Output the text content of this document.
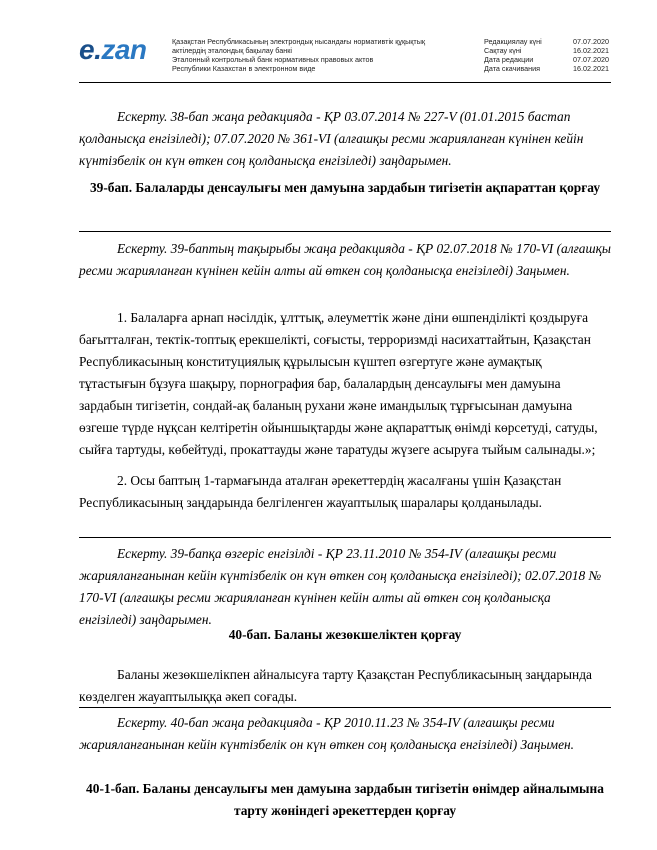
e.zan	Қазақстан Республикасының электрондық нысандағы нормативтік құқықтық
актілердің эталондық бақылау банкі
Эталонный контрольный банк нормативных правовых актов
Республики Казахстан в электронном виде
Редакциялау күні	07.07.2020
Сақтау күні	16.02.2021
Дата редакции	07.07.2020
Дата скачивания	16.02.2021
Ескерту. 38-бап жаңа редакцияда - ҚР 03.07.2014 № 227-V (01.01.2015 бастап қолданысқа енгізіледі); 07.07.2020 № 361-VI (алғашқы ресми жарияланған күнінен кейін күнтізбелік он күн өткен соң қолданысқа енгізіледі) заңдарымен.
39-бап. Балаларды денсаулығы мен дамуына зардабын тигізетін ақпараттан қорғау
Ескерту. 39-баптың тақырыбы жаңа редакцияда - ҚР 02.07.2018 № 170-VI (алғашқы ресми жарияланған күнінен кейін алты ай өткен соң қолданысқа енгізіледі) Заңымен.
1. Балаларға арнап нәсілдік, ұлттық, әлеуметтік және діни өшпенділікті қоздыруға бағытталған, тектік-топтық ерекшелікті, соғысты, терроризмді насихаттайтын, Қазақстан Республикасының конституциялық құрылысын күштеп өзгертуге және аумақтық тұтастығын бұзуға шақыру, порнография бар, балалардың денсаулығы мен дамуына зардабын тигізетін, сондай-ақ баланың рухани және имандылық тұрғысынан дамуына өзгеше түрде нұқсан келтіретін ойыншықтарды және ақпараттық өнімді көрсетуді, сатуды, сыйға тартуды, көбейтуді, прокаттауды және таратуды жүзеге асыруға тыйым салынады.»;
2. Осы баптың 1-тармағында аталған әрекеттердің жасалғаны үшін Қазақстан Республикасының заңдарында белгіленген жауаптылық шаралары қолданылады.
Ескерту. 39-бапқа өзгеріс енгізілді - ҚР 23.11.2010 № 354-IV (алғашқы ресми жарияланғанынан кейін күнтізбелік он күн өткен соң қолданысқа енгізіледі); 02.07.2018 № 170-VI (алғашқы ресми жарияланған күнінен кейін алты ай өткен соң қолданысқа енгізіледі) заңдарымен.
40-бап. Баланы жезөкшеліктен қорғау
Баланы жезөкшелікпен айналысуға тарту Қазақстан Республикасының заңдарында көзделген жауаптылыққа әкеп соғады.
Ескерту. 40-бап жаңа редакцияда - ҚР 2010.11.23 № 354-IV (алғашқы ресми жарияланғанынан кейін күнтізбелік он күн өткен соң қолданысқа енгізіледі) Заңымен.
40-1-бап. Баланы денсаулығы мен дамуына зардабын тигізетін өнімдер айналымына тарту жөніндегі әрекеттерден қорғау
